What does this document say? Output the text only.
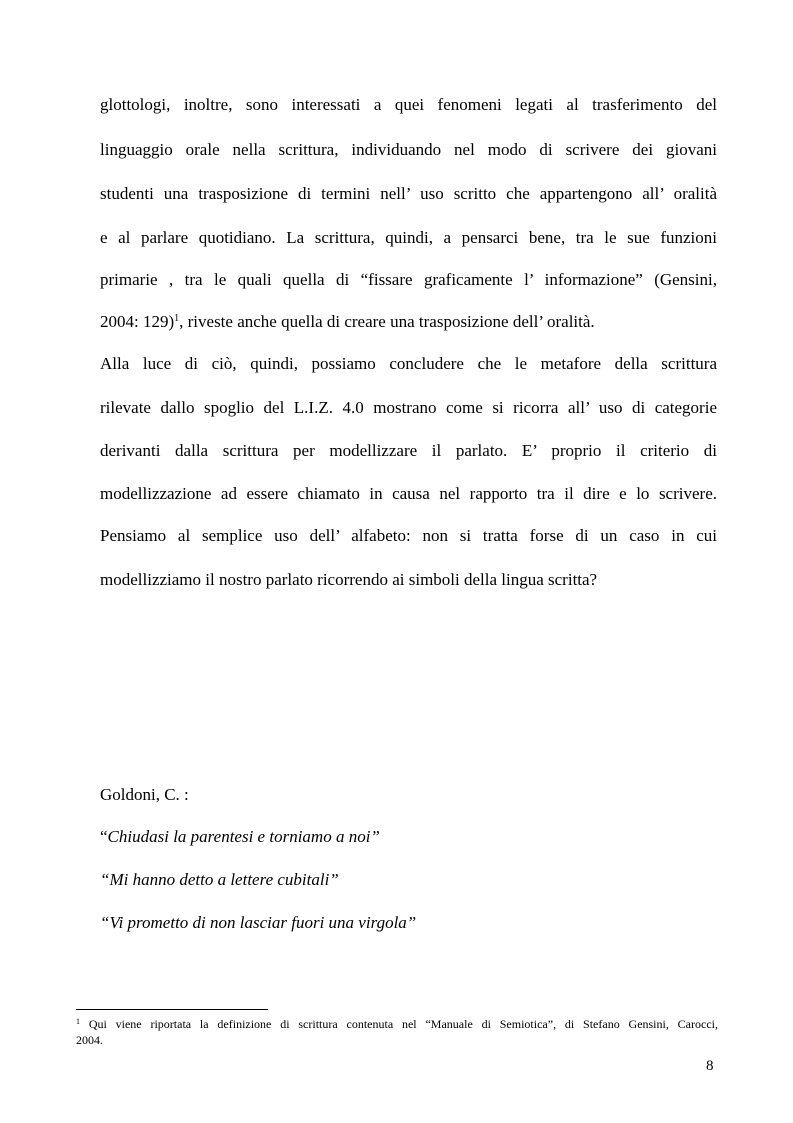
glottologi, inoltre, sono interessati a quei fenomeni legati al trasferimento del
linguaggio orale nella scrittura, individuando nel modo di scrivere dei giovani
studenti una trasposizione di termini nell’ uso scritto che appartengono all’ oralità
e al parlare quotidiano. La scrittura, quindi, a pensarci bene, tra le sue funzioni
primarie , tra le quali quella di “fissare graficamente l’ informazione” (Gensini,
2004: 129)$^1$, riveste anche quella di creare una trasposizione dell’ oralità.
Alla luce di ciò, quindi, possiamo concludere che le metafore della scrittura
rilevate dallo spoglio del L.I.Z. 4.0 mostrano come si ricorra all’ uso di categorie
derivanti dalla scrittura per modellizzare il parlato. E’ proprio il criterio di
modellizzazione ad essere chiamato in causa nel rapporto tra il dire e lo scrivere.
Pensiamo al semplice uso dell’ alfabeto: non si tratta forse di un caso in cui
modellizziamo il nostro parlato ricorrendo ai simboli della lingua scritta?
Goldoni, C. :
“Chiudasi la parentesi e torniamo a noi”
“Mi hanno detto a lettere cubitali”
“Vi prometto di non lasciar fuori una virgola”
$^1$ Qui viene riportata la definizione di scrittura contenuta nel “Manuale di Semiotica”, di Stefano Gensini, Carocci,
2004.
8
